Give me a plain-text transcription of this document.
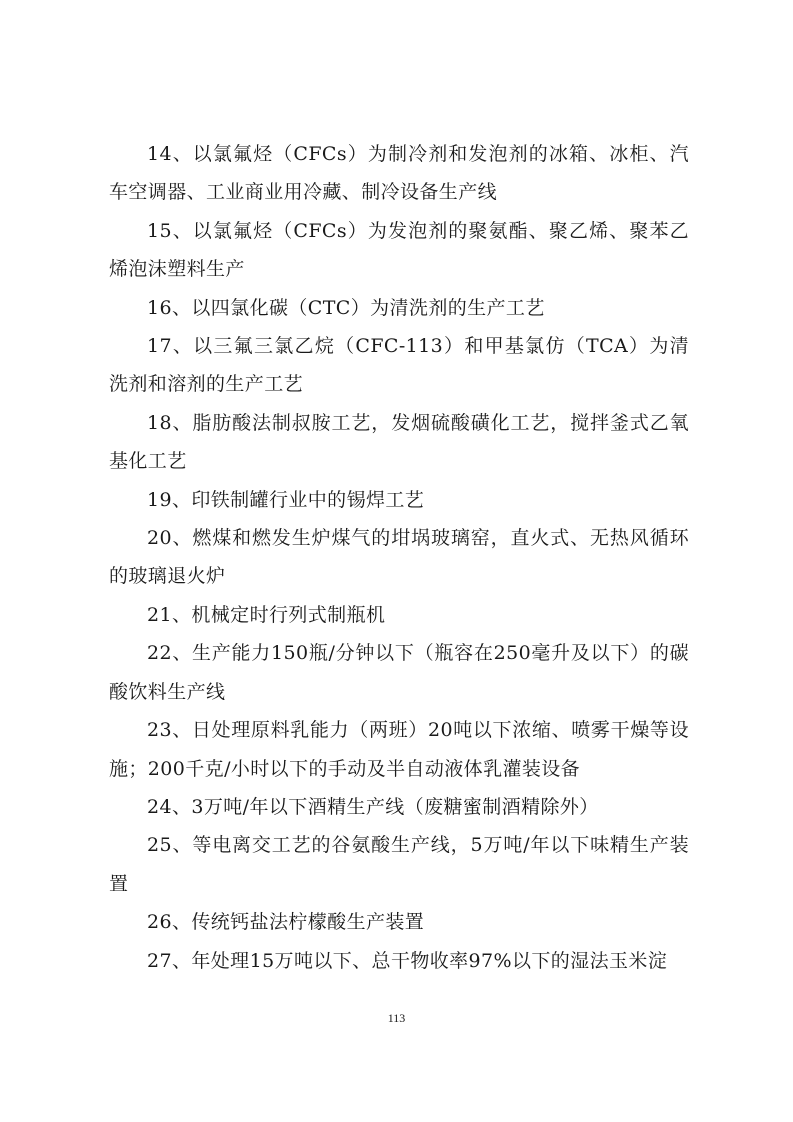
14、以氯氟烃（CFCs）为制冷剂和发泡剂的冰箱、冰柜、汽车空调器、工业商业用冷藏、制冷设备生产线

15、以氯氟烃（CFCs）为发泡剂的聚氨酯、聚乙烯、聚苯乙烯泡沫塑料生产

16、以四氯化碳（CTC）为清洗剂的生产工艺

17、以三氟三氯乙烷（CFC-113）和甲基氯仿（TCA）为清洗剂和溶剂的生产工艺

18、脂肪酸法制叔胺工艺，发烟硫酸磺化工艺，搅拌釜式乙氧基化工艺

19、印铁制罐行业中的锡焊工艺

20、燃煤和燃发生炉煤气的坩埚玻璃窑，直火式、无热风循环的玻璃退火炉

21、机械定时行列式制瓶机

22、生产能力150瓶/分钟以下（瓶容在250毫升及以下）的碳酸饮料生产线

23、日处理原料乳能力（两班）20吨以下浓缩、喷雾干燥等设施；200千克/小时以下的手动及半自动液体乳灌装设备

24、3万吨/年以下酒精生产线（废糖蜜制酒精除外）

25、等电离交工艺的谷氨酸生产线，5万吨/年以下味精生产装置

26、传统钙盐法柠檬酸生产装置

27、年处理15万吨以下、总干物收率97%以下的湿法玉米淀

113
